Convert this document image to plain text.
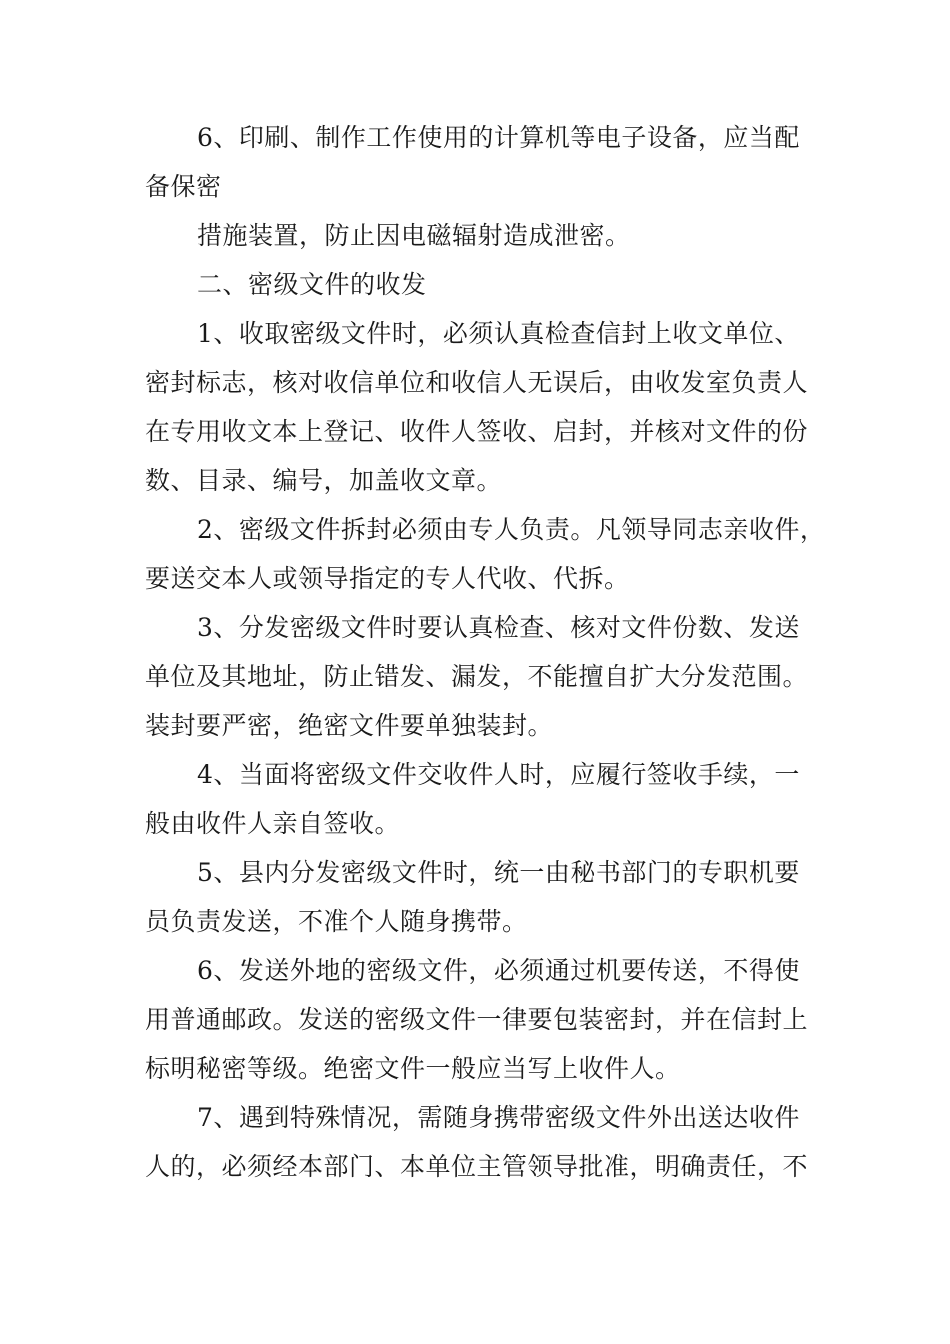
6、印刷、制作工作使用的计算机等电子设备，应当配
备保密
措施装置，防止因电磁辐射造成泄密。
二、密级文件的收发
1、收取密级文件时，必须认真检查信封上收文单位、
密封标志，核对收信单位和收信人无误后，由收发室负责人
在专用收文本上登记、收件人签收、启封，并核对文件的份
数、目录、编号，加盖收文章。
2、密级文件拆封必须由专人负责。凡领导同志亲收件，
要送交本人或领导指定的专人代收、代拆。
3、分发密级文件时要认真检查、核对文件份数、发送
单位及其地址，防止错发、漏发，不能擅自扩大分发范围。
装封要严密，绝密文件要单独装封。
4、当面将密级文件交收件人时，应履行签收手续，一
般由收件人亲自签收。
5、县内分发密级文件时，统一由秘书部门的专职机要
员负责发送，不准个人随身携带。
6、发送外地的密级文件，必须通过机要传送，不得使
用普通邮政。发送的密级文件一律要包装密封，并在信封上
标明秘密等级。绝密文件一般应当写上收件人。
7、遇到特殊情况，需随身携带密级文件外出送达收件
人的，必须经本部门、本单位主管领导批准，明确责任，不
